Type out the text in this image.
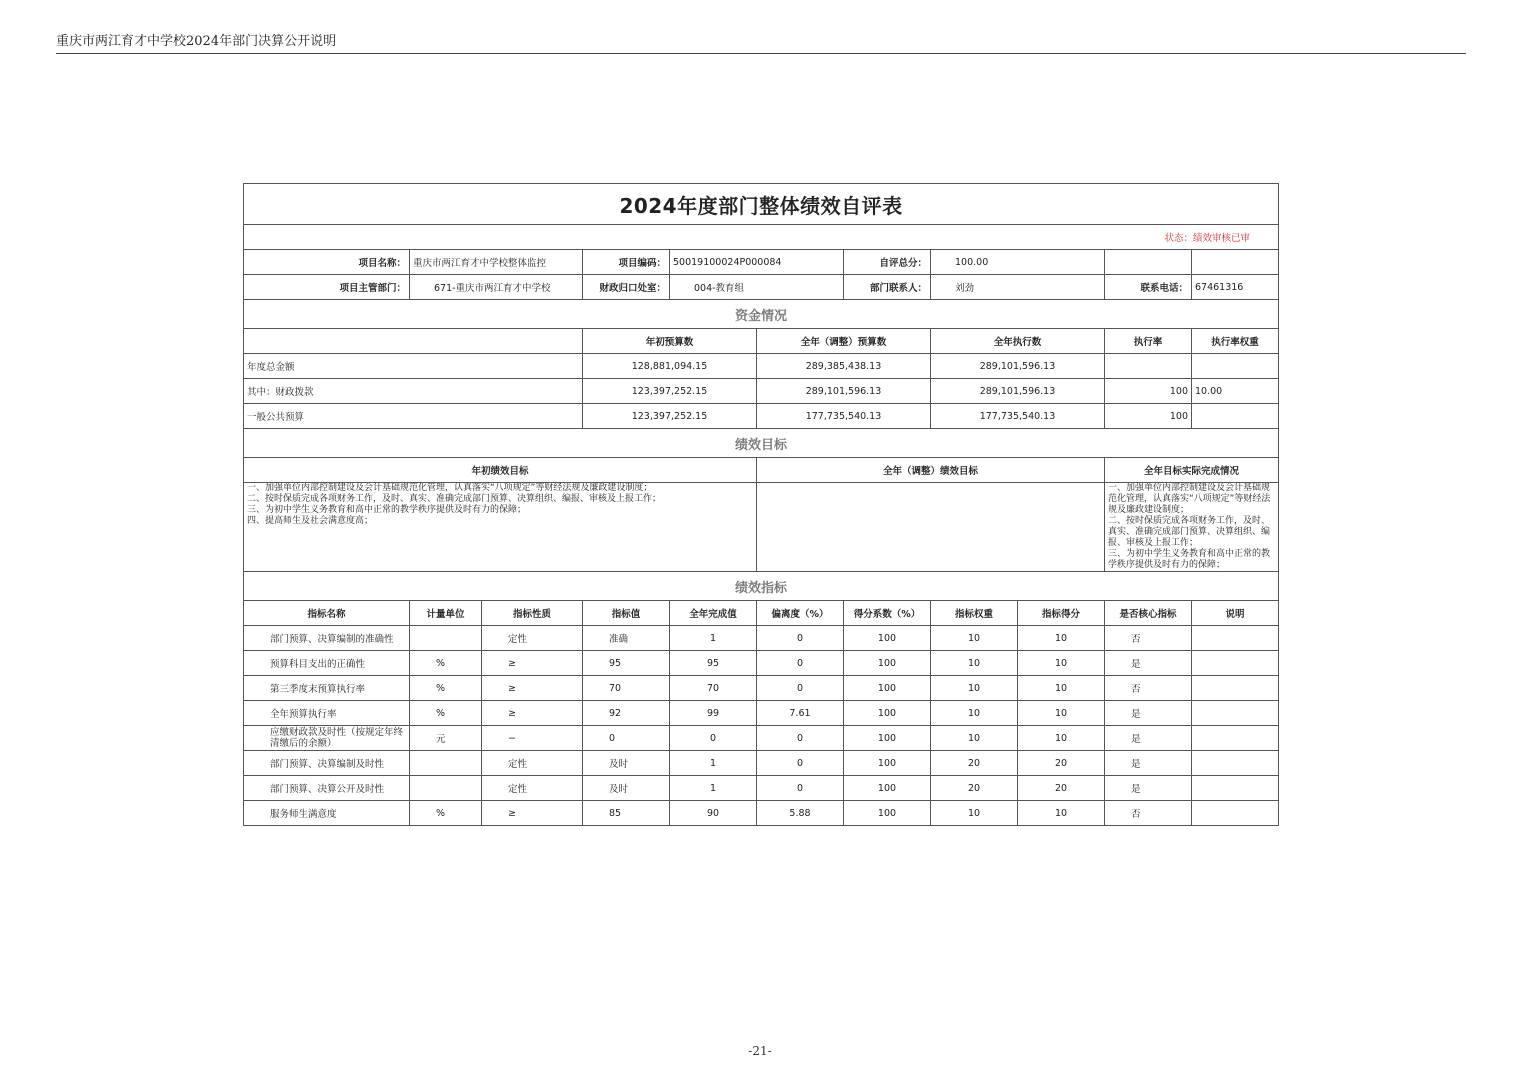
重庆市两江育才中学校2024年部门决算公开说明
2024年度部门整体绩效自评表											
状态：绩效审核已审											
项目名称：	重庆市两江育才中学校整体监控		项目编码：	50019100024P000084		自评总分：	100.00				
项目主管部门：	671-重庆市两江育才中学校		财政归口处室：	004-教育组		部门联系人：	刘劲		联系电话：	67461316	
资金情况											
			年初预算数		全年（调整）预算数		全年执行数		执行率	执行率权重	
年度总金额			128,881,094.15		289,385,438.13		289,101,596.13				
其中：财政拨款			123,397,252.15		289,101,596.13		289,101,596.13		100	10.00	
一般公共预算			123,397,252.15		177,735,540.13		177,735,540.13		100		
绩效目标											
年初绩效目标					全年（调整）绩效目标				全年目标实际完成情况		
一、加强单位内部控制建设及会计基础规范化管理，认真落实“八项规定”等财经法规及廉政建设制度；
二、按时保质完成各项财务工作，及时、真实、准确完成部门预算、决算组织、编报、审核及上报工作；
三、为初中学生义务教育和高中正常的教学秩序提供及时有力的保障；
四、提高师生及社会满意度高；									一、加强单位内部控制建设及会计基础规范化管理，认真落实“八项规定”等财经法规及廉政建设制度；
二、按时保质完成各项财务工作，及时、真实、准确完成部门预算、决算组织、编报、审核及上报工作；
三、为初中学生义务教育和高中正常的教学秩序提供及时有力的保障；		
绩效指标											
指标名称	计量单位	指标性质	指标值	全年完成值	偏离度（%）	得分系数（%）	指标权重	指标得分	是否核心指标	说明	
部门预算、决算编制的准确性		定性	准确	1	0	100	10	10	否		
预算科目支出的正确性	%	≥	95	95	0	100	10	10	是		
第三季度末预算执行率	%	≥	70	70	0	100	10	10	否		
全年预算执行率	%	≥	92	99	7.61	100	10	10	是		
应缴财政款及时性（按规定年终清缴后的余额）	元	−	0	0	0	100	10	10	是		
部门预算、决算编制及时性		定性	及时	1	0	100	20	20	是		
部门预算、决算公开及时性		定性	及时	1	0	100	20	20	是		
服务师生满意度	%	≥	85	90	5.88	100	10	10	否		
-21-
